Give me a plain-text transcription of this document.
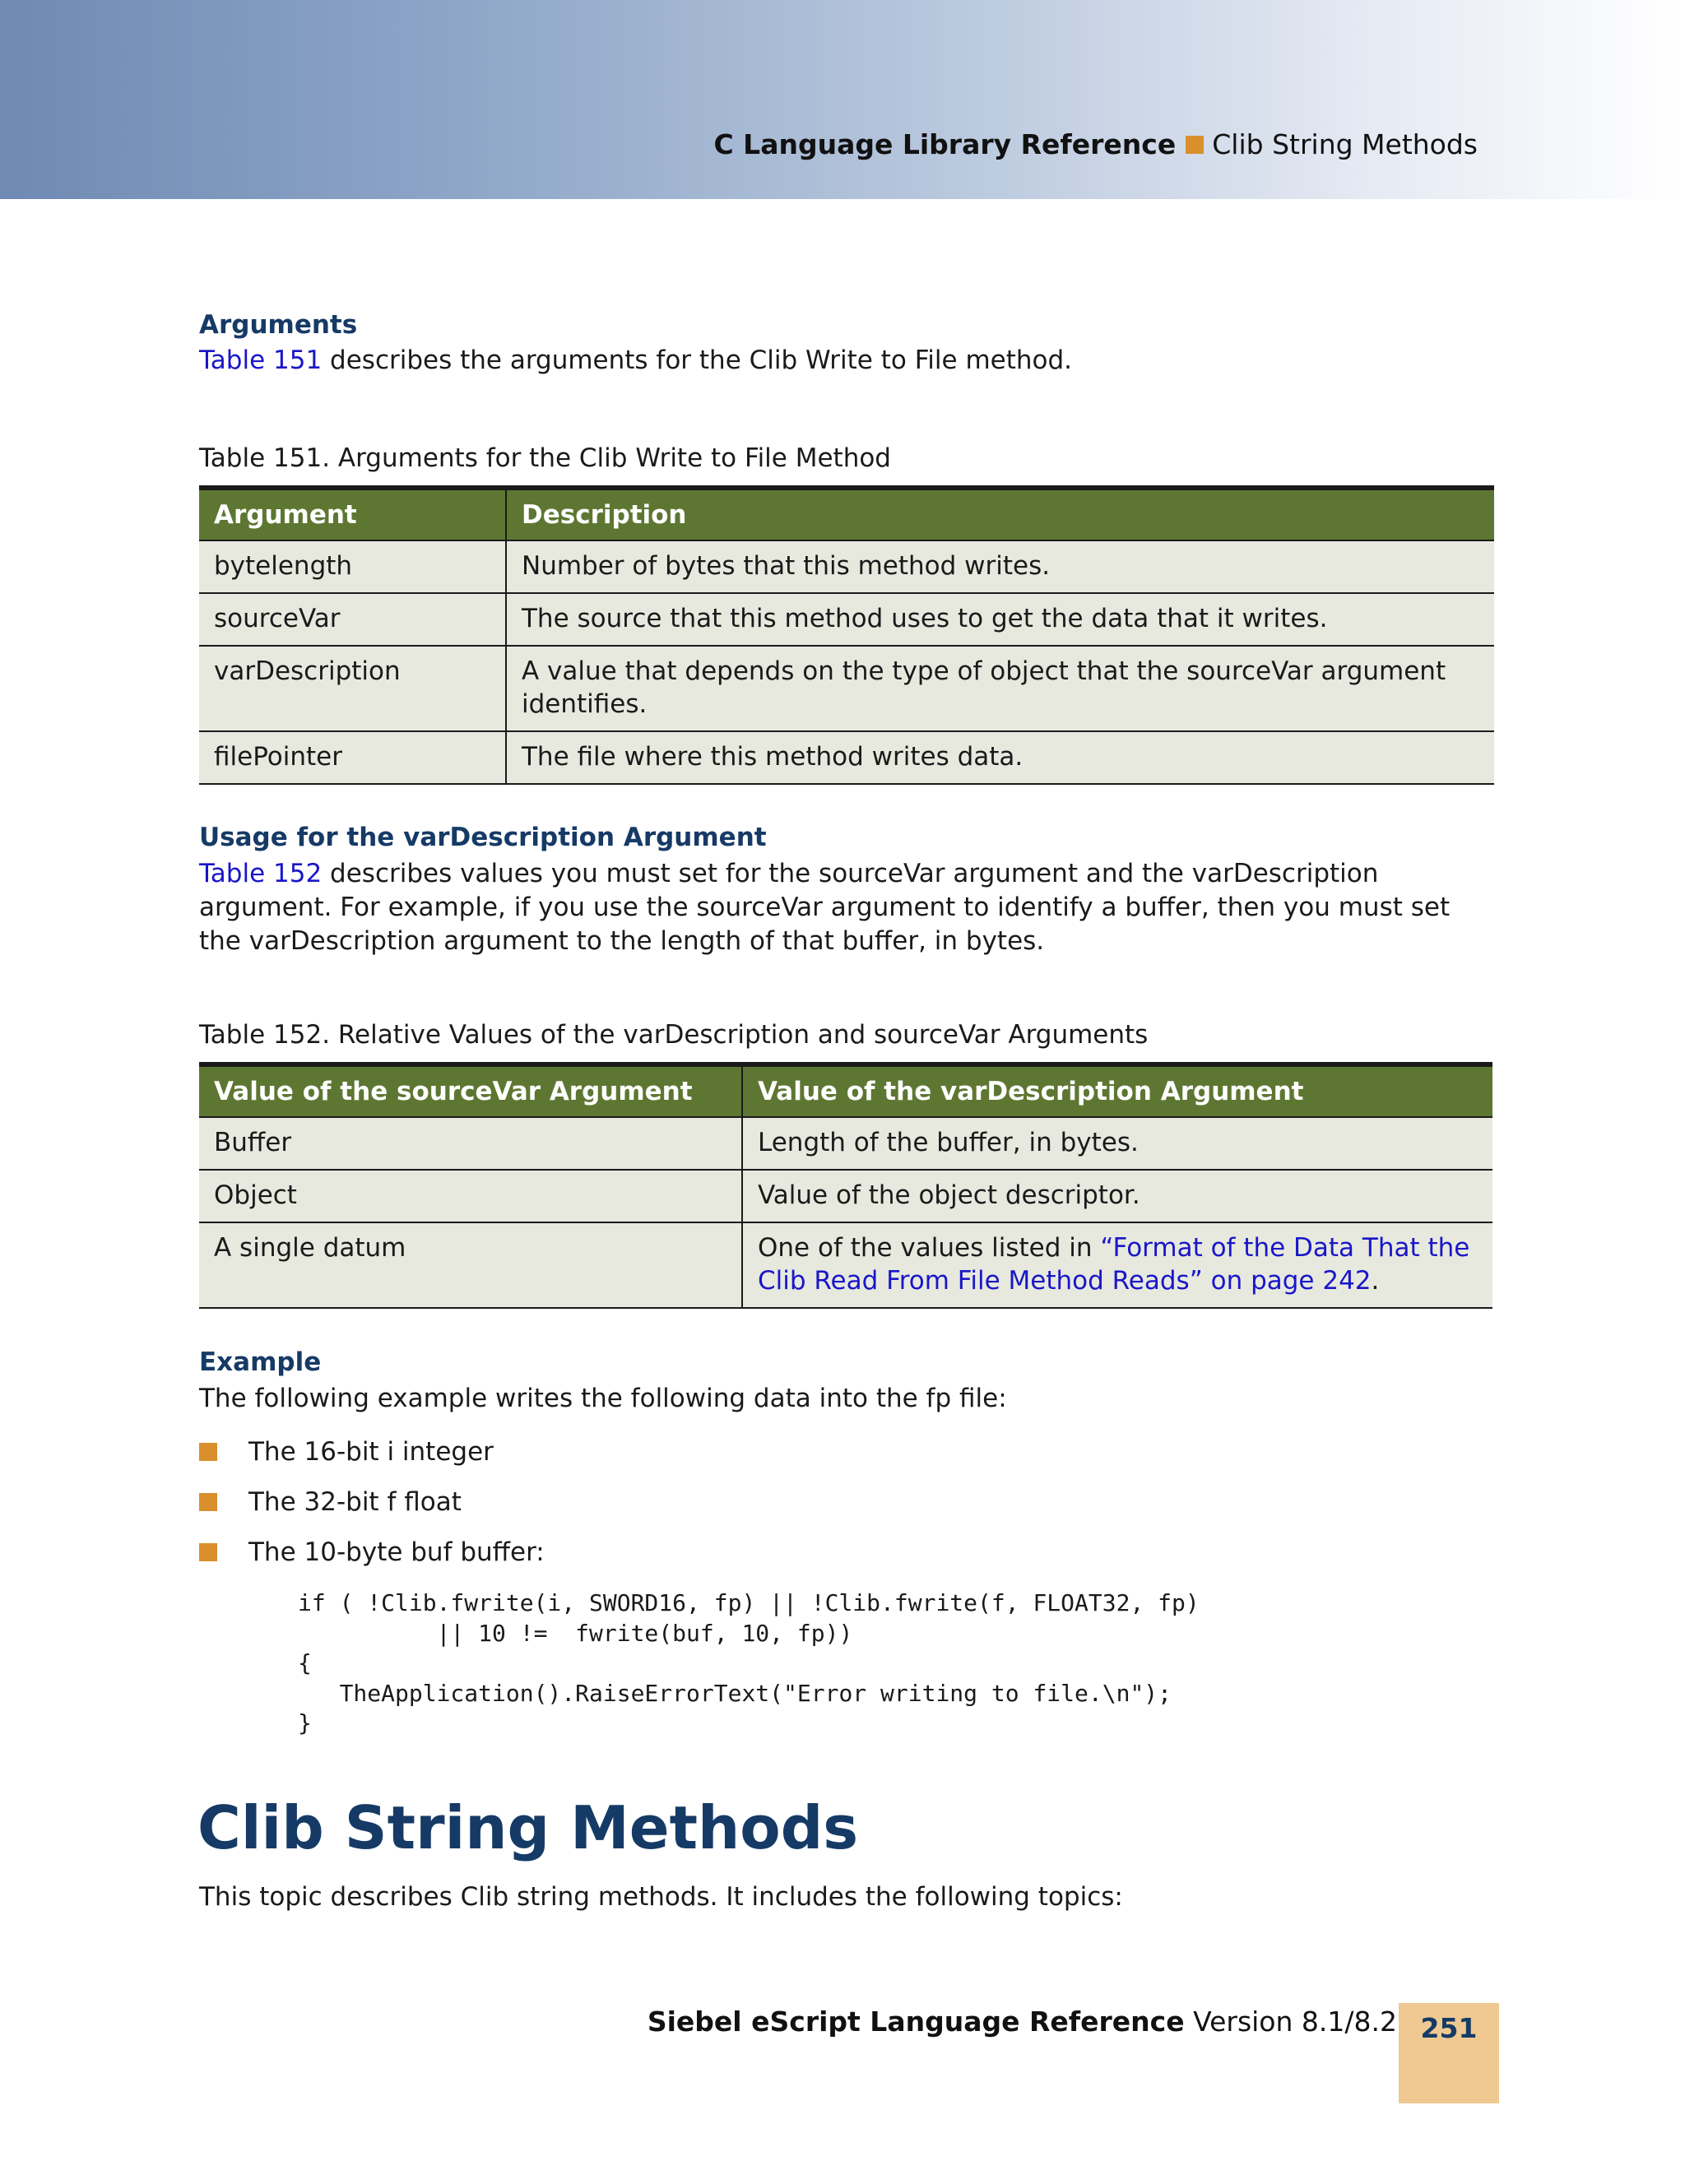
C Language Library Reference Clib String Methods
Arguments
Table 151 describes the arguments for the Clib Write to File method.
Table 151. Arguments for the Clib Write to File Method
Argument	Description
bytelength	Number of bytes that this method writes.
sourceVar	The source that this method uses to get the data that it writes.
varDescription	A value that depends on the type of object that the sourceVar argument identifies.
filePointer	The file where this method writes data.
Usage for the varDescription Argument
Table 152 describes values you must set for the sourceVar argument and the varDescription argument. For example, if you use the sourceVar argument to identify a buffer, then you must set the varDescription argument to the length of that buffer, in bytes.
Table 152. Relative Values of the varDescription and sourceVar Arguments
Value of the sourceVar Argument	Value of the varDescription Argument
Buffer	Length of the buffer, in bytes.
Object	Value of the object descriptor.
A single datum	One of the values listed in “Format of the Data That the Clib Read From File Method Reads” on page 242.
Example
The following example writes the following data into the fp file:
The 16-bit i integer
The 32-bit f float
The 10-byte buf buffer:
if ( !Clib.fwrite(i, SWORD16, fp) || !Clib.fwrite(f, FLOAT32, fp)
|| 10 !=  fwrite(buf, 10, fp))
{
TheApplication().RaiseErrorText("Error writing to file.\n");
}
Clib String Methods
This topic describes Clib string methods. It includes the following topics:
Siebel eScript Language Reference Version 8.1/8.2 251
